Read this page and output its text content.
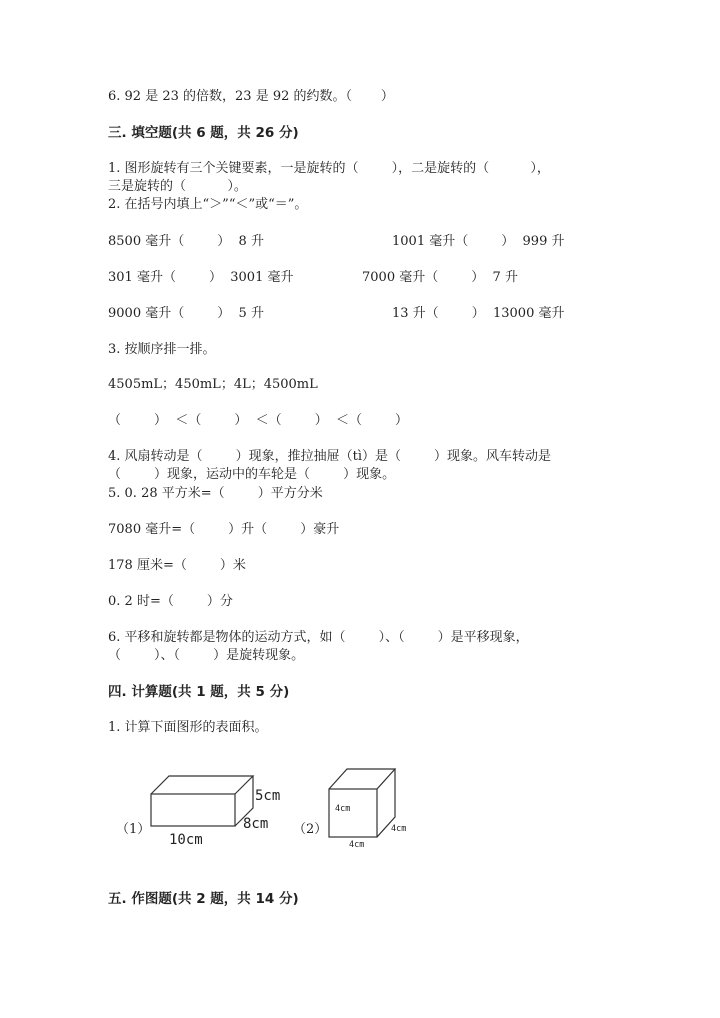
6. 92 是 23 的倍数，23 是 92 的约数。（       ）
三. 填空题(共 6 题，共 26 分)
1. 图形旋转有三个关键要素，一是旋转的（        ），二是旋转的（          ），
三是旋转的（          ）。
2. 在括号内填上“＞”“＜”或“＝”。
8500 毫升（        ）  8 升	1001 毫升（        ）  999 升
301 毫升（        ）  3001 毫升	7000 毫升（        ）  7 升
9000 毫升（        ）  5 升	13 升（        ）  13000 毫升
3. 按顺序排一排。
4505mL；450mL；4L；4500mL
（        ）  ＜（        ）  ＜（        ）  ＜（        ）
4. 风扇转动是（        ）现象，推拉抽屉（tì）是（        ）现象。风车转动是
（        ）现象，运动中的车轮是（        ）现象。
5. 0. 28 平方米=（        ）平方分米
7080 毫升=（        ）升（        ）豪升
178 厘米=（        ）米
0. 2 时=（        ）分
6. 平移和旋转都是物体的运动方式，如（        ）、（        ）是平移现象，
（        ）、（        ）是旋转现象。
四. 计算题(共 1 题，共 5 分)
1. 计算下面图形的表面积。
（1）	（2）
5cm
8cm
10cm
4cm
4cm
4cm
五. 作图题(共 2 题，共 14 分)
